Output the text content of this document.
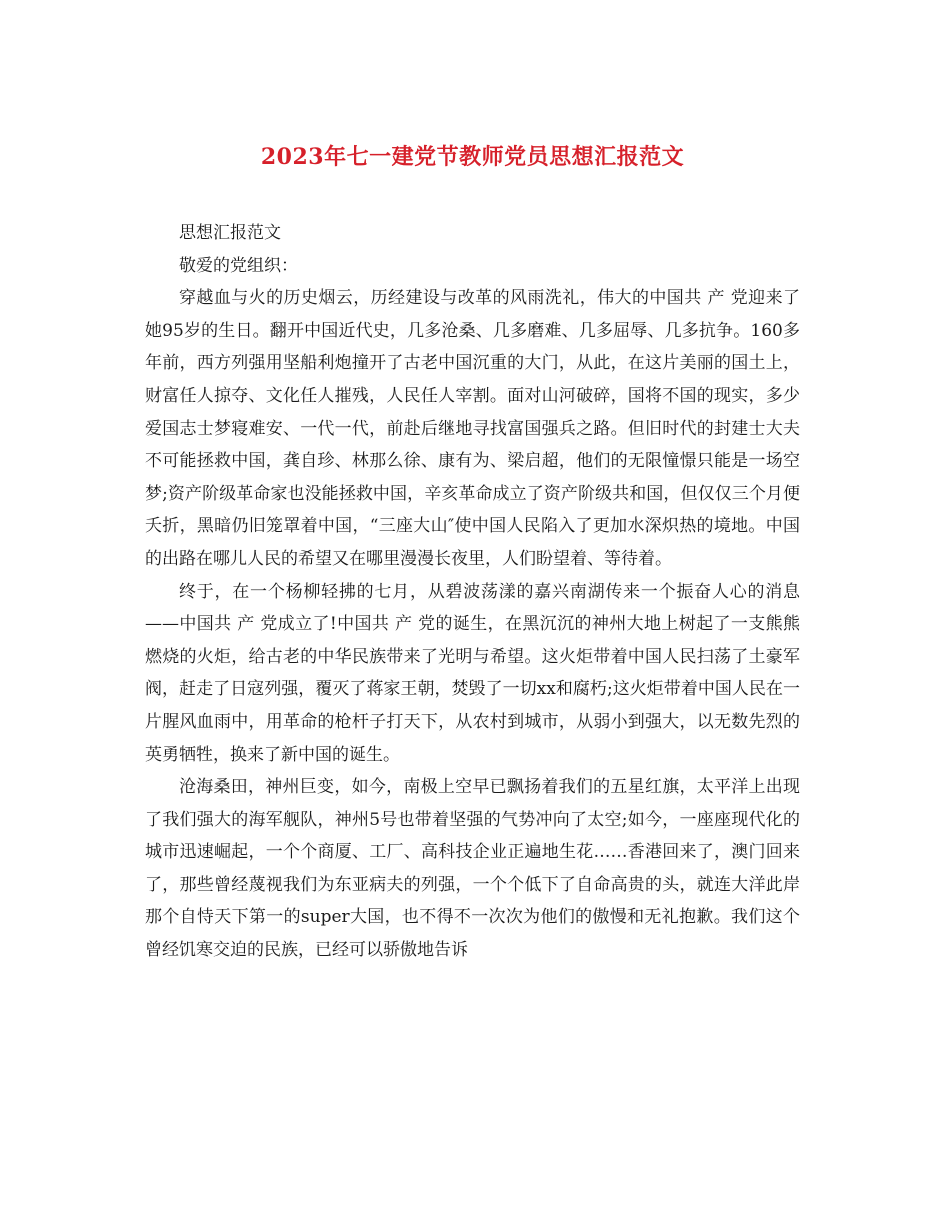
2023年七一建党节教师党员思想汇报范文

思想汇报范文

敬爱的党组织：

穿越血与火的历史烟云，历经建设与改革的风雨洗礼，伟大的中国共 产 党迎来了她95岁的生日。翻开中国近代史，几多沧桑、几多磨难、几多屈辱、几多抗争。160多年前，西方列强用坚船利炮撞开了古老中国沉重的大门，从此，在这片美丽的国土上，财富任人掠夺、文化任人摧残，人民任人宰割。面对山河破碎，国将不国的现实，多少爱国志士梦寝难安、一代一代，前赴后继地寻找富国强兵之路。但旧时代的封建士大夫不可能拯救中国，龚自珍、林那么徐、康有为、梁启超，他们的无限憧憬只能是一场空梦;资产阶级革命家也没能拯救中国，辛亥革命成立了资产阶级共和国，但仅仅三个月便夭折，黑暗仍旧笼罩着中国，“三座大山″使中国人民陷入了更加水深炽热的境地。中国的出路在哪儿人民的希望又在哪里漫漫长夜里，人们盼望着、等待着。

终于，在一个杨柳轻拂的七月，从碧波荡漾的嘉兴南湖传来一个振奋人心的消息——中国共 产 党成立了!中国共 产 党的诞生，在黑沉沉的神州大地上树起了一支熊熊燃烧的火炬，给古老的中华民族带来了光明与希望。这火炬带着中国人民扫荡了土豪军阀，赶走了日寇列强，覆灭了蒋家王朝，焚毁了一切xx和腐朽;这火炬带着中国人民在一片腥风血雨中，用革命的枪杆子打天下，从农村到城市，从弱小到强大，以无数先烈的英勇牺牲，换来了新中国的诞生。

沧海桑田，神州巨变，如今，南极上空早已飘扬着我们的五星红旗，太平洋上出现了我们强大的海军舰队，神州5号也带着坚强的气势冲向了太空;如今，一座座现代化的城市迅速崛起，一个个商厦、工厂、高科技企业正遍地生花……香港回来了，澳门回来了，那些曾经蔑视我们为东亚病夫的列强，一个个低下了自命高贵的头，就连大洋此岸那个自恃天下第一的super大国，也不得不一次次为他们的傲慢和无礼抱歉。我们这个曾经饥寒交迫的民族，已经可以骄傲地告诉
